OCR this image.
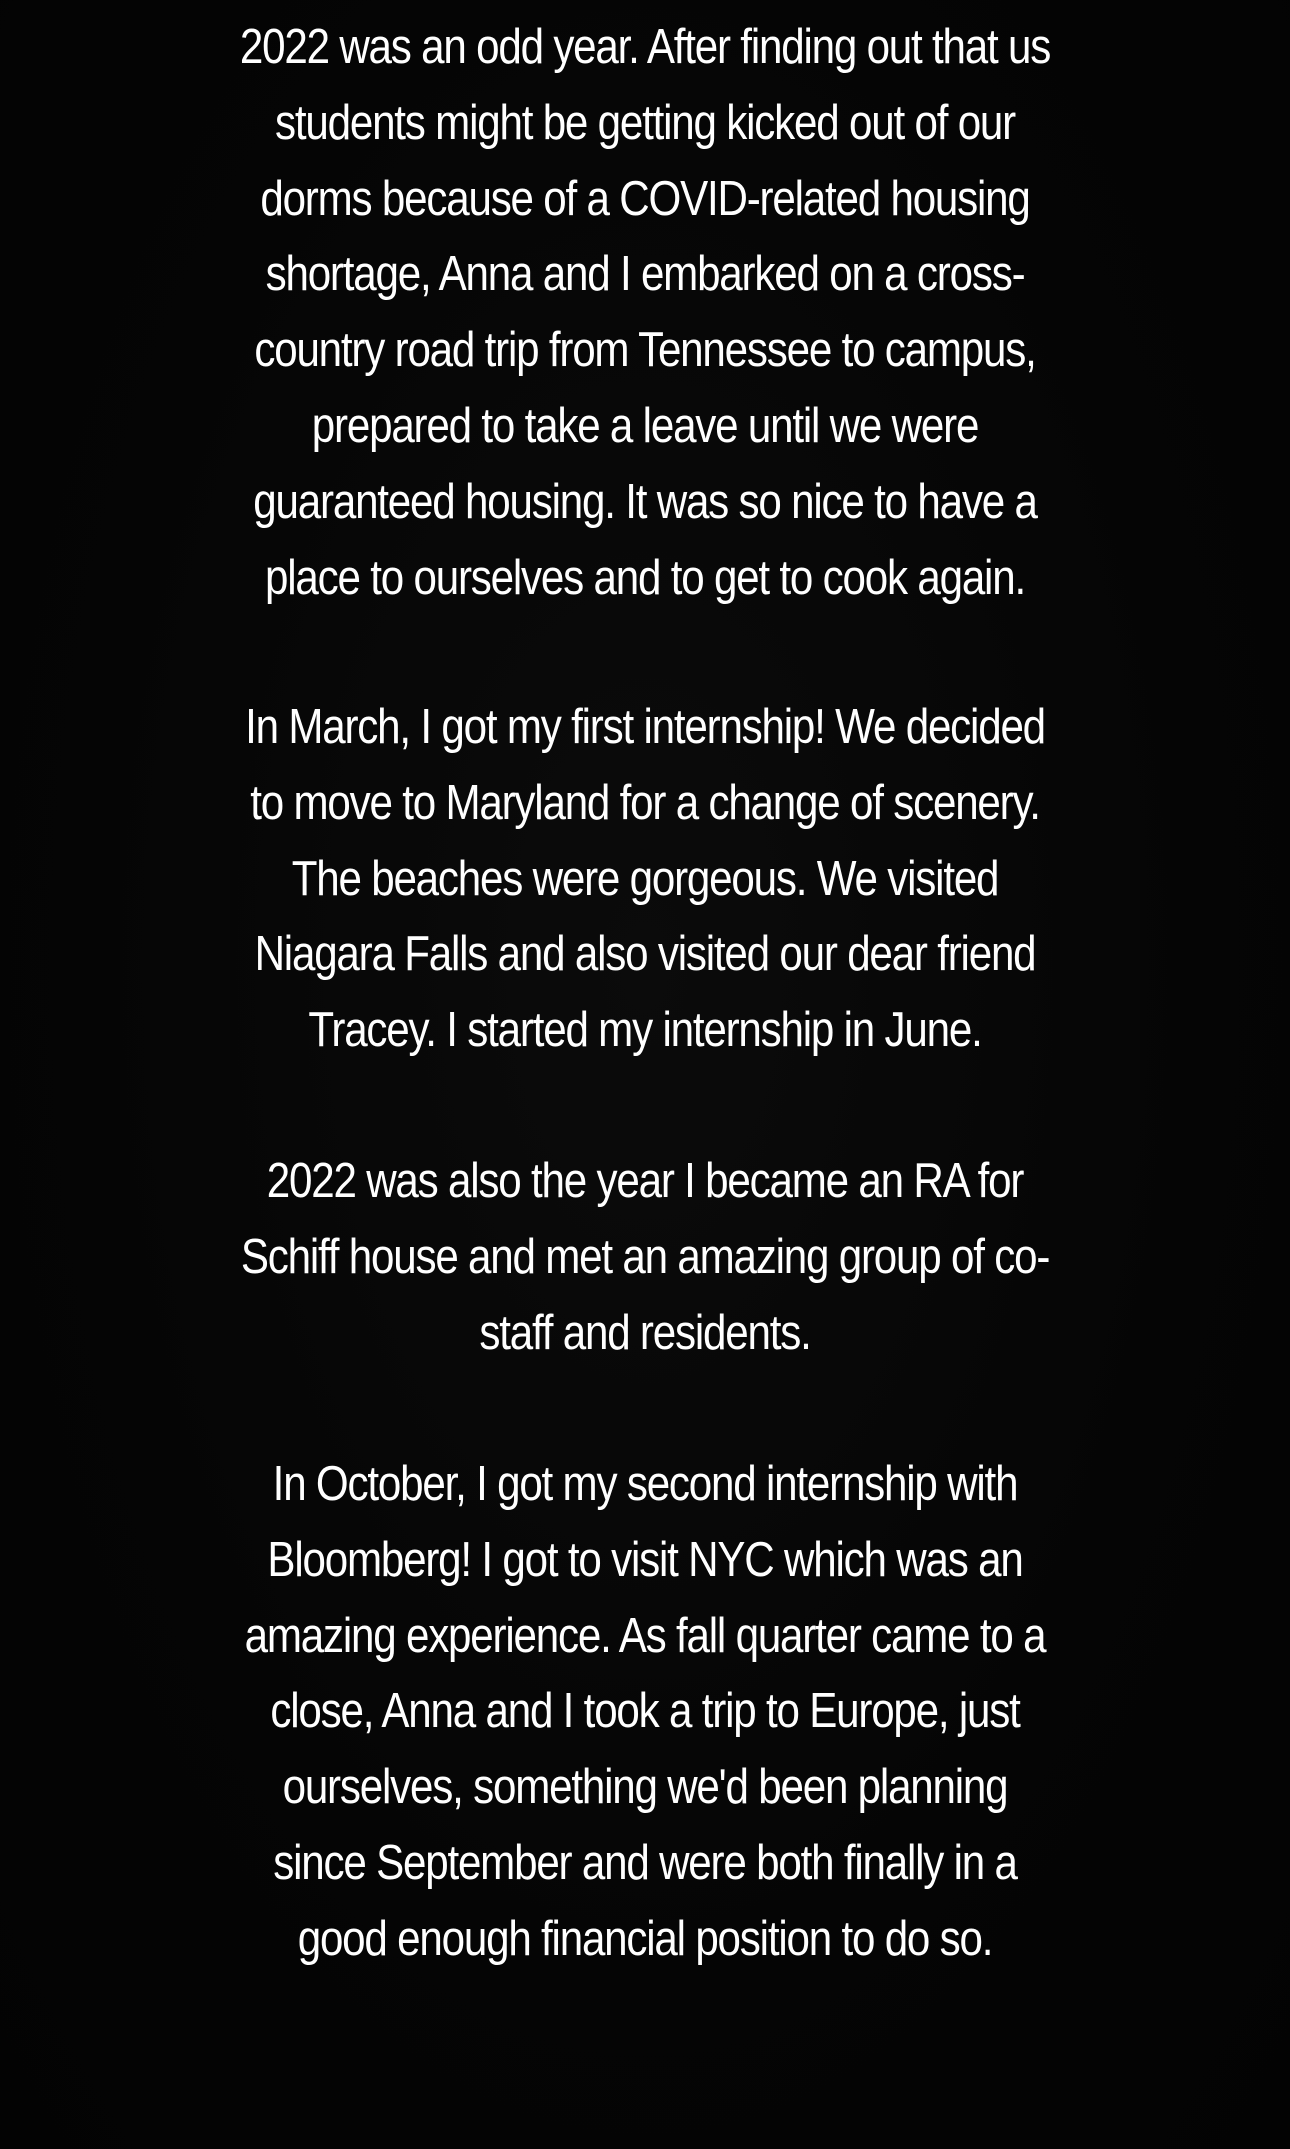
2022 was an odd year. After finding out that us students might be getting kicked out of our dorms because of a COVID-related housing shortage, Anna and I embarked on a cross-country road trip from Tennessee to campus, prepared to take a leave until we were guaranteed housing. It was so nice to have a place to ourselves and to get to cook again.

In March, I got my first internship! We decided to move to Maryland for a change of scenery. The beaches were gorgeous. We visited Niagara Falls and also visited our dear friend Tracey. I started my internship in June.

2022 was also the year I became an RA for Schiff house and met an amazing group of co-staff and residents.

In October, I got my second internship with Bloomberg! I got to visit NYC which was an amazing experience. As fall quarter came to a close, Anna and I took a trip to Europe, just ourselves, something we'd been planning since September and were both finally in a good enough financial position to do so.
